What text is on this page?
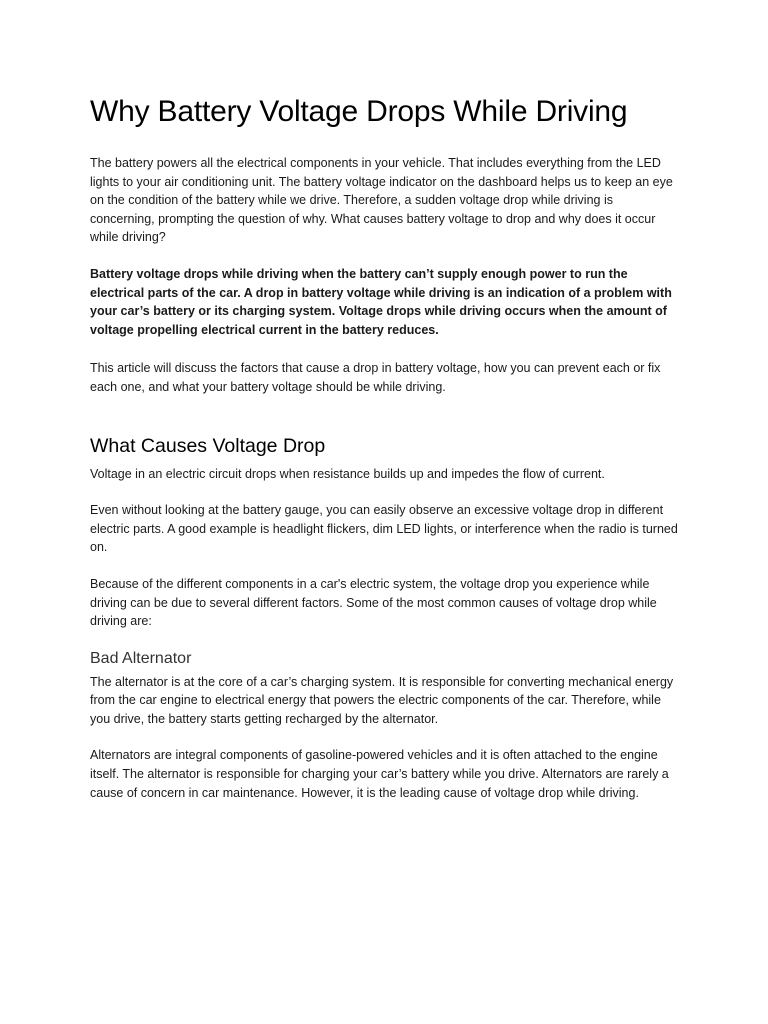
Why Battery Voltage Drops While Driving

The battery powers all the electrical components in your vehicle. That includes everything from the LED lights to your air conditioning unit. The battery voltage indicator on the dashboard helps us to keep an eye on the condition of the battery while we drive. Therefore, a sudden voltage drop while driving is concerning, prompting the question of why. What causes battery voltage to drop and why does it occur while driving?

Battery voltage drops while driving when the battery can’t supply enough power to run the electrical parts of the car. A drop in battery voltage while driving is an indication of a problem with your car’s battery or its charging system. Voltage drops while driving occurs when the amount of voltage propelling electrical current in the battery reduces.

This article will discuss the factors that cause a drop in battery voltage, how you can prevent each or fix each one, and what your battery voltage should be while driving.

What Causes Voltage Drop

Voltage in an electric circuit drops when resistance builds up and impedes the flow of current.

Even without looking at the battery gauge, you can easily observe an excessive voltage drop in different electric parts. A good example is headlight flickers, dim LED lights, or interference when the radio is turned on.

Because of the different components in a car's electric system, the voltage drop you experience while driving can be due to several different factors. Some of the most common causes of voltage drop while driving are:

Bad Alternator

The alternator is at the core of a car’s charging system. It is responsible for converting mechanical energy from the car engine to electrical energy that powers the electric components of the car. Therefore, while you drive, the battery starts getting recharged by the alternator.

Alternators are integral components of gasoline-powered vehicles and it is often attached to the engine itself. The alternator is responsible for charging your car’s battery while you drive. Alternators are rarely a cause of concern in car maintenance. However, it is the leading cause of voltage drop while driving.
